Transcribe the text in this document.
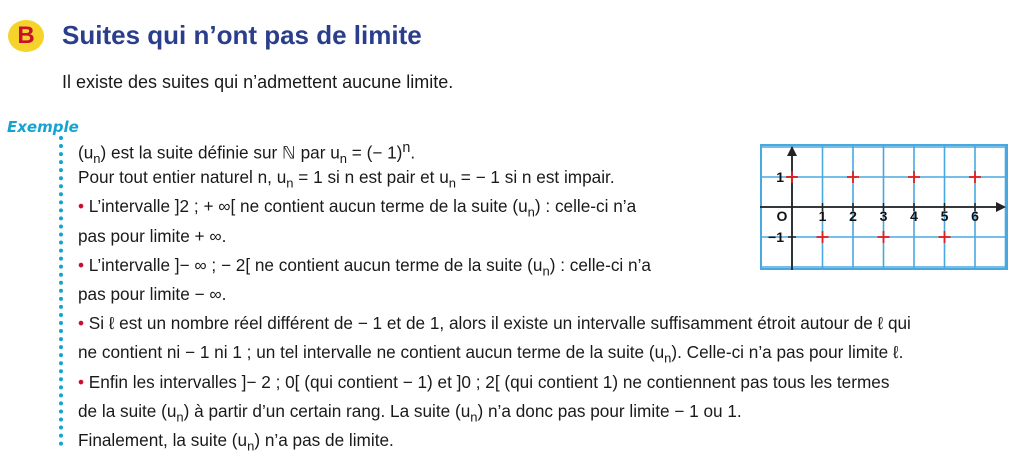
B	Suites qui n’ont pas de limite
Il existe des suites qui n’admettent aucune limite.
Exemple
$(u_n)$ est la suite définie sur ℕ par $u_n$ = (− 1)$^n$.
Pour tout entier naturel n, $u_n = 1$ si n est pair et $u_n$ = − 1 si n est impair.
• L’intervalle ]2 ; + ∞[ ne contient aucun terme de la suite $(u_n)$ : celle-ci n’a
pas pour limite + ∞.
• L’intervalle ]− ∞ ; − 2[ ne contient aucun terme de la suite $(u_n)$ : celle-ci n’a
pas pour limite − ∞.
• Si ℓ est un nombre réel différent de − 1 et de 1, alors il existe un intervalle suffisamment étroit autour de ℓ qui
ne contient ni − 1 ni 1 ; un tel intervalle ne contient aucun terme de la suite $(u_n)$. Celle-ci n’a pas pour limite ℓ.
• Enfin les intervalles ]− 2 ; 0[ (qui contient − 1) et ]0 ; 2[ (qui contient 1) ne contiennent pas tous les termes
de la suite $(u_n)$ à partir d’un certain rang. La suite $(u_n)$ n’a donc pas pour limite − 1 ou 1.
Finalement, la suite $(u_n)$ n’a pas de limite.
O 1 2 3 4 5 6
1
−1
